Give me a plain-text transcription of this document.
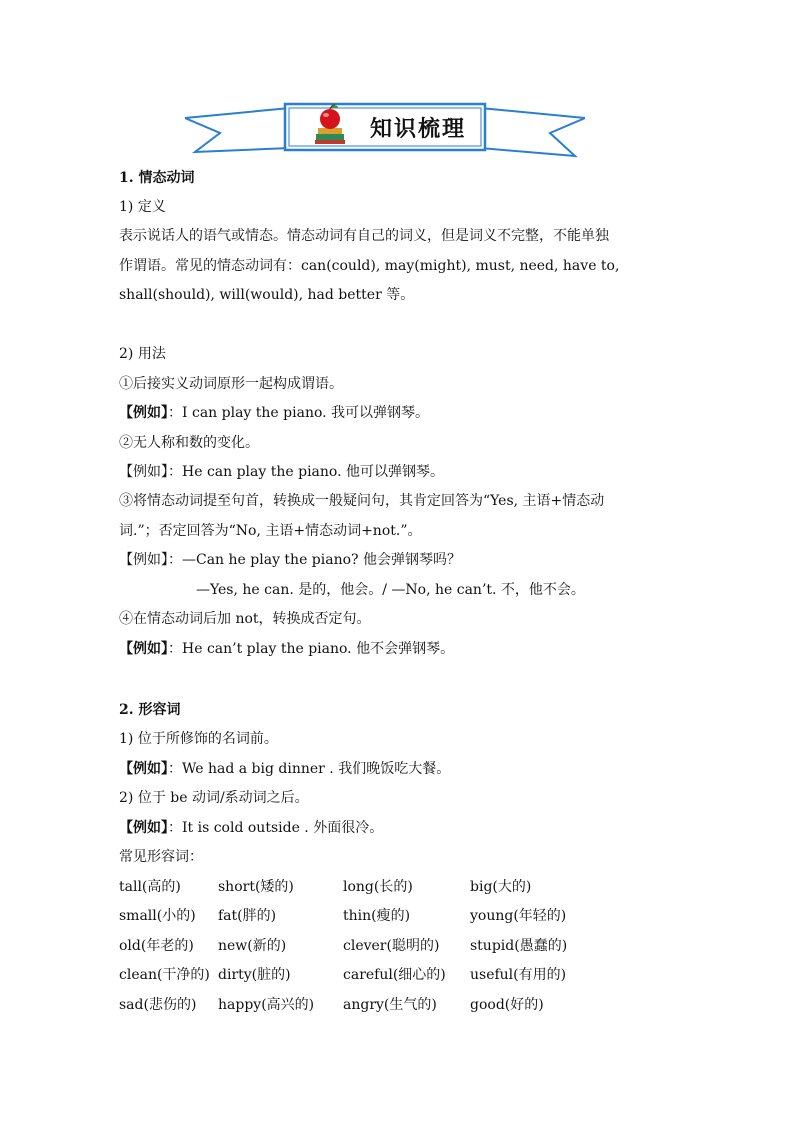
知识梳理
1. 情态动词
1) 定义
表示说话人的语气或情态。情态动词有自己的词义，但是词义不完整，不能单独
作谓语。常见的情态动词有：can(could), may(might), must, need, have to,
shall(should), will(would), had better 等。
2) 用法
①后接实义动词原形一起构成谓语。
【例如】：I can play the piano. 我可以弹钢琴。
②无人称和数的变化。
【例如】：He can play the piano. 他可以弹钢琴。
③将情态动词提至句首，转换成一般疑问句，其肯定回答为“Yes, 主语+情态动
词.”；否定回答为“No, 主语+情态动词+not.”。
【例如】：—Can he play the piano? 他会弹钢琴吗？
—Yes, he can. 是的，他会。/ —No, he can’t. 不，他不会。
④在情态动词后加 not，转换成否定句。
【例如】：He can’t play the piano. 他不会弹钢琴。
2. 形容词
1) 位于所修饰的名词前。
【例如】：We had a big dinner . 我们晚饭吃大餐。
2) 位于 be 动词/系动词之后。
【例如】：It is cold outside . 外面很冷。
常见形容词：
tall(高的)	short(矮的)	long(长的)	big(大的)
small(小的) fat(胖的)	thin(瘦的)	young(年轻的)
old(年老的) new(新的)	clever(聪明的) stupid(愚蠢的)
clean(干净的) dirty(脏的)	careful(细心的) useful(有用的)
sad(悲伤的) happy(高兴的) angry(生气的) good(好的)
